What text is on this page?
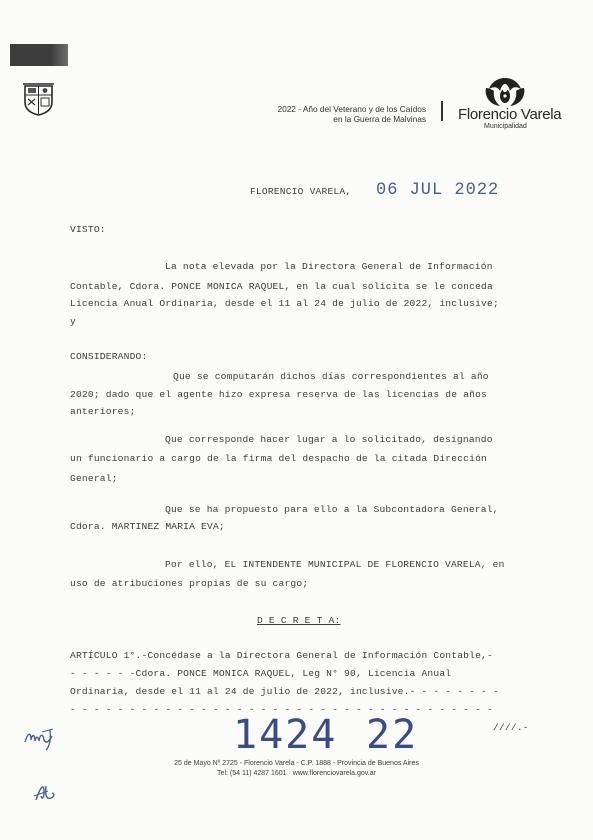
2022 - Año del Veterano y de los Caídos
en la Guerra de Malvinas Florencio Varela
Municipalidad
FLORENCIO VARELA, 06 JUL 2022
VISTO:
La nota elevada por la Directora General de Información
Contable, Cdora. PONCE MONICA RAQUEL, en la cual solicita se le conceda
Licencia Anual Ordinaria, desde el 11 al 24 de julio de 2022, inclusive;
y
CONSIDERANDO:
Que se computarán dichos días correspondientes al año
2020; dado que el agente hizo expresa reserva de las licencias de años
anteriores;
Que corresponde hacer lugar a lo solicitado, designando
un funcionario a cargo de la firma del despacho de la citada Dirección
General;
Que se ha propuesto para ello a la Subcontadora General,
Cdora. MARTINEZ MARIA EVA;
Por ello, EL INTENDENTE MUNICIPAL DE FLORENCIO VARELA, en
uso de atribuciones propias de su cargo;
D E C R E T A:
ARTÍCULO 1°.-Concédase a la Directora General de Información Contable,-
- - - - - -Cdora. PONCE MONICA RAQUEL, Leg N° 90, Licencia Anual
Ordinaria, desde el 11 al 24 de julio de 2022, inclusive.- - - - - - - -
- - - - - - - - - - - - - - - - - - - - - - - - - - - - - - - - - - - -
1424 22	////.-
25 de Mayo Nº 2725 - Florencio Varela - C.P. 1888 - Provincia de Buenos Aires
Tel: (54 11) 4287 1601 · www.florenciovarela.gov.ar
